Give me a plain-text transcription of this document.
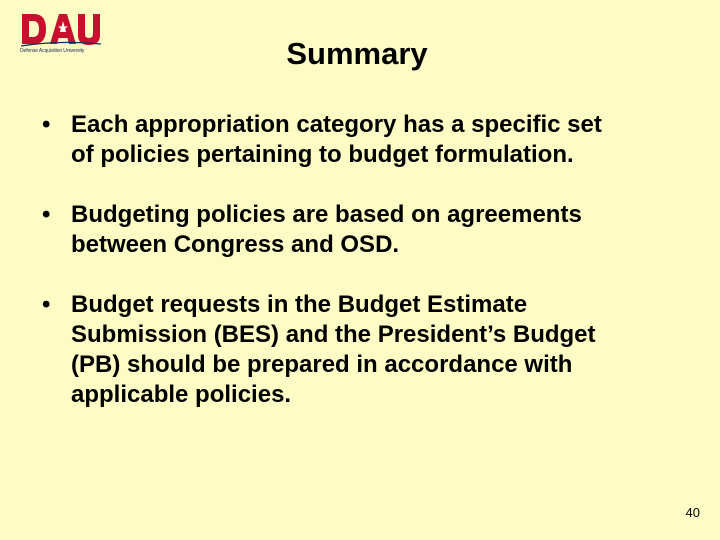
Defense Acquisition University	Summary
• Each appropriation category has a specific set
of policies pertaining to budget formulation.
• Budgeting policies are based on agreements
between Congress and OSD.
• Budget requests in the Budget Estimate
Submission (BES) and the President’s Budget
(PB) should be prepared in accordance with
applicable policies.
40
